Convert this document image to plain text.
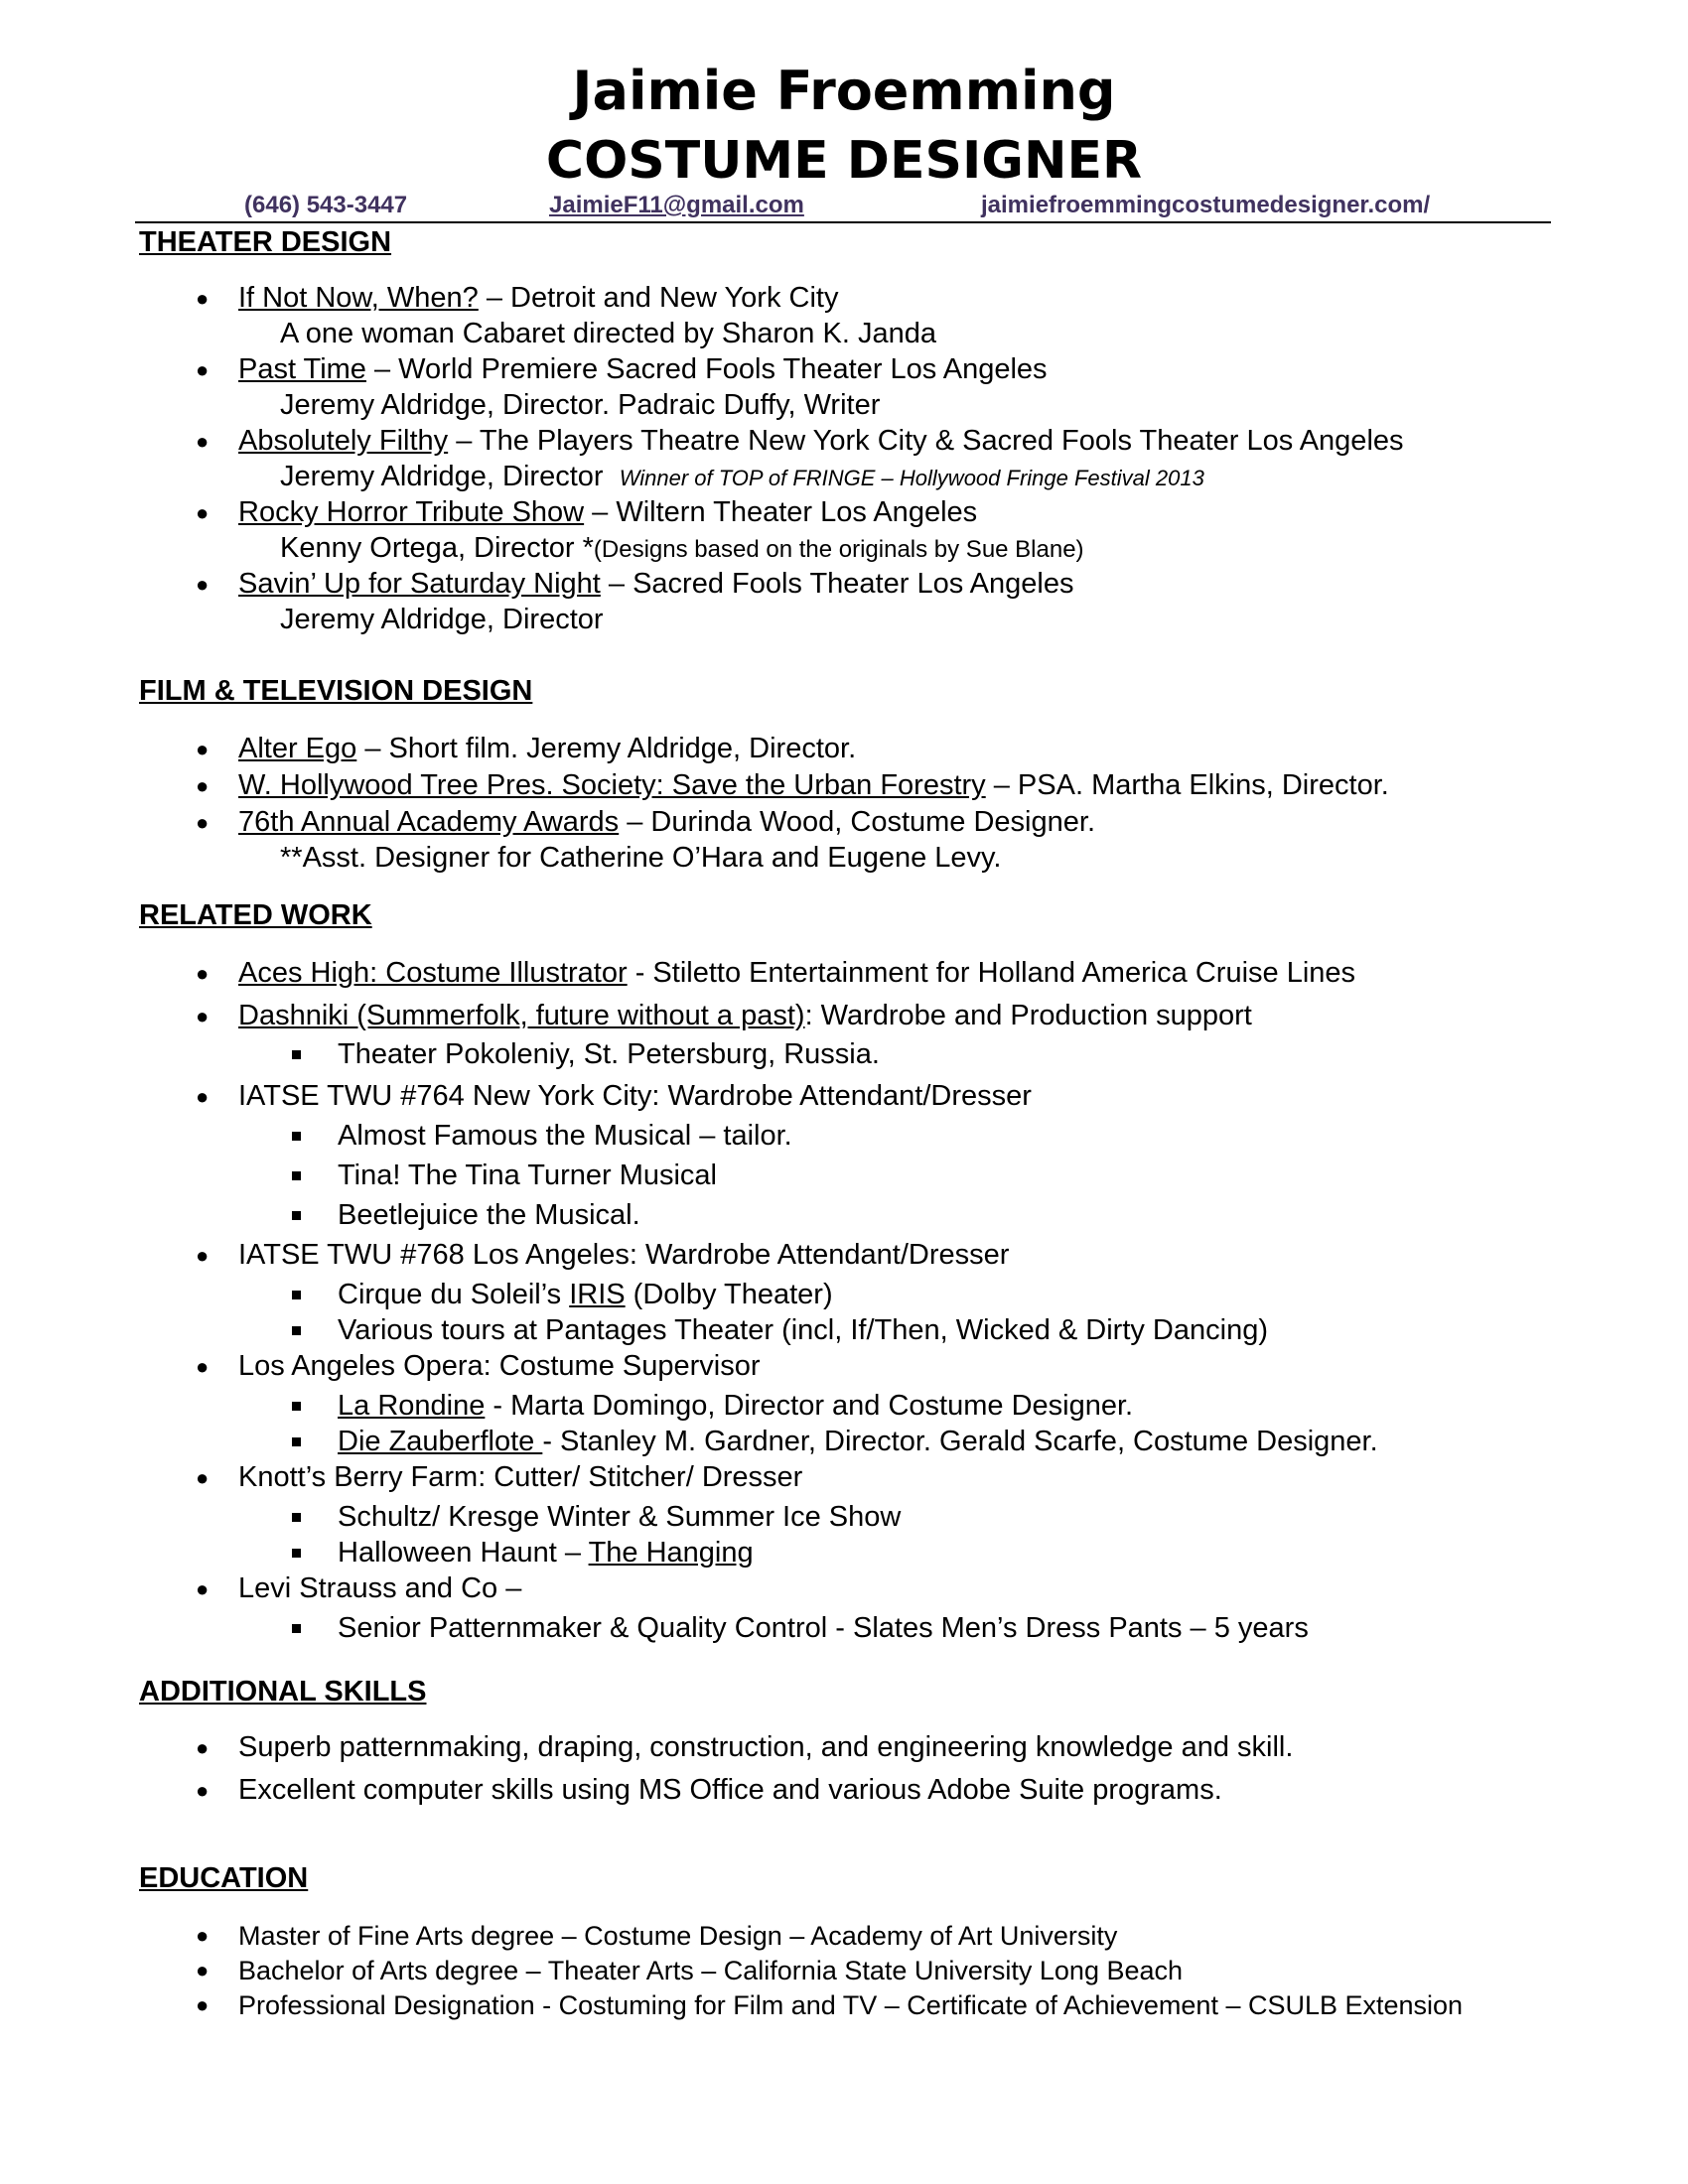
Jaimie Froemming
COSTUME DESIGNER
(646) 543-3447	JaimieF11@gmail.com	jaimiefroemmingcostumedesigner.com/
THEATER DESIGN
● If Not Now, When? – Detroit and New York City
A one woman Cabaret directed by Sharon K. Janda
● Past Time – World Premiere Sacred Fools Theater Los Angeles
Jeremy Aldridge, Director. Padraic Duffy, Writer
● Absolutely Filthy – The Players Theatre New York City & Sacred Fools Theater Los Angeles
Jeremy Aldridge, Director Winner of TOP of FRINGE – Hollywood Fringe Festival 2013
● Rocky Horror Tribute Show – Wiltern Theater Los Angeles
Kenny Ortega, Director *(Designs based on the originals by Sue Blane)
● Savin’ Up for Saturday Night – Sacred Fools Theater Los Angeles
Jeremy Aldridge, Director
FILM & TELEVISION DESIGN
● Alter Ego – Short film. Jeremy Aldridge, Director.
● W. Hollywood Tree Pres. Society: Save the Urban Forestry – PSA. Martha Elkins, Director.
● 76th Annual Academy Awards – Durinda Wood, Costume Designer.
**Asst. Designer for Catherine O’Hara and Eugene Levy.
RELATED WORK
● Aces High: Costume Illustrator - Stiletto Entertainment for Holland America Cruise Lines
● Dashniki (Summerfolk, future without a past): Wardrobe and Production support
Theater Pokoleniy, St. Petersburg, Russia.
● IATSE TWU #764 New York City: Wardrobe Attendant/Dresser
Almost Famous the Musical – tailor.
Tina! The Tina Turner Musical
Beetlejuice the Musical.
● IATSE TWU #768 Los Angeles: Wardrobe Attendant/Dresser
Cirque du Soleil’s IRIS (Dolby Theater)
Various tours at Pantages Theater (incl, If/Then, Wicked & Dirty Dancing)
● Los Angeles Opera: Costume Supervisor
La Rondine - Marta Domingo, Director and Costume Designer.
Die Zauberflote - Stanley M. Gardner, Director. Gerald Scarfe, Costume Designer.
● Knott’s Berry Farm: Cutter/ Stitcher/ Dresser
Schultz/ Kresge Winter & Summer Ice Show
Halloween Haunt – The Hanging
● Levi Strauss and Co –
Senior Patternmaker & Quality Control - Slates Men’s Dress Pants – 5 years
ADDITIONAL SKILLS
● Superb patternmaking, draping, construction, and engineering knowledge and skill.
● Excellent computer skills using MS Office and various Adobe Suite programs.
EDUCATION
● Master of Fine Arts degree – Costume Design – Academy of Art University
● Bachelor of Arts degree – Theater Arts – California State University Long Beach
● Professional Designation - Costuming for Film and TV – Certificate of Achievement – CSULB Extension
